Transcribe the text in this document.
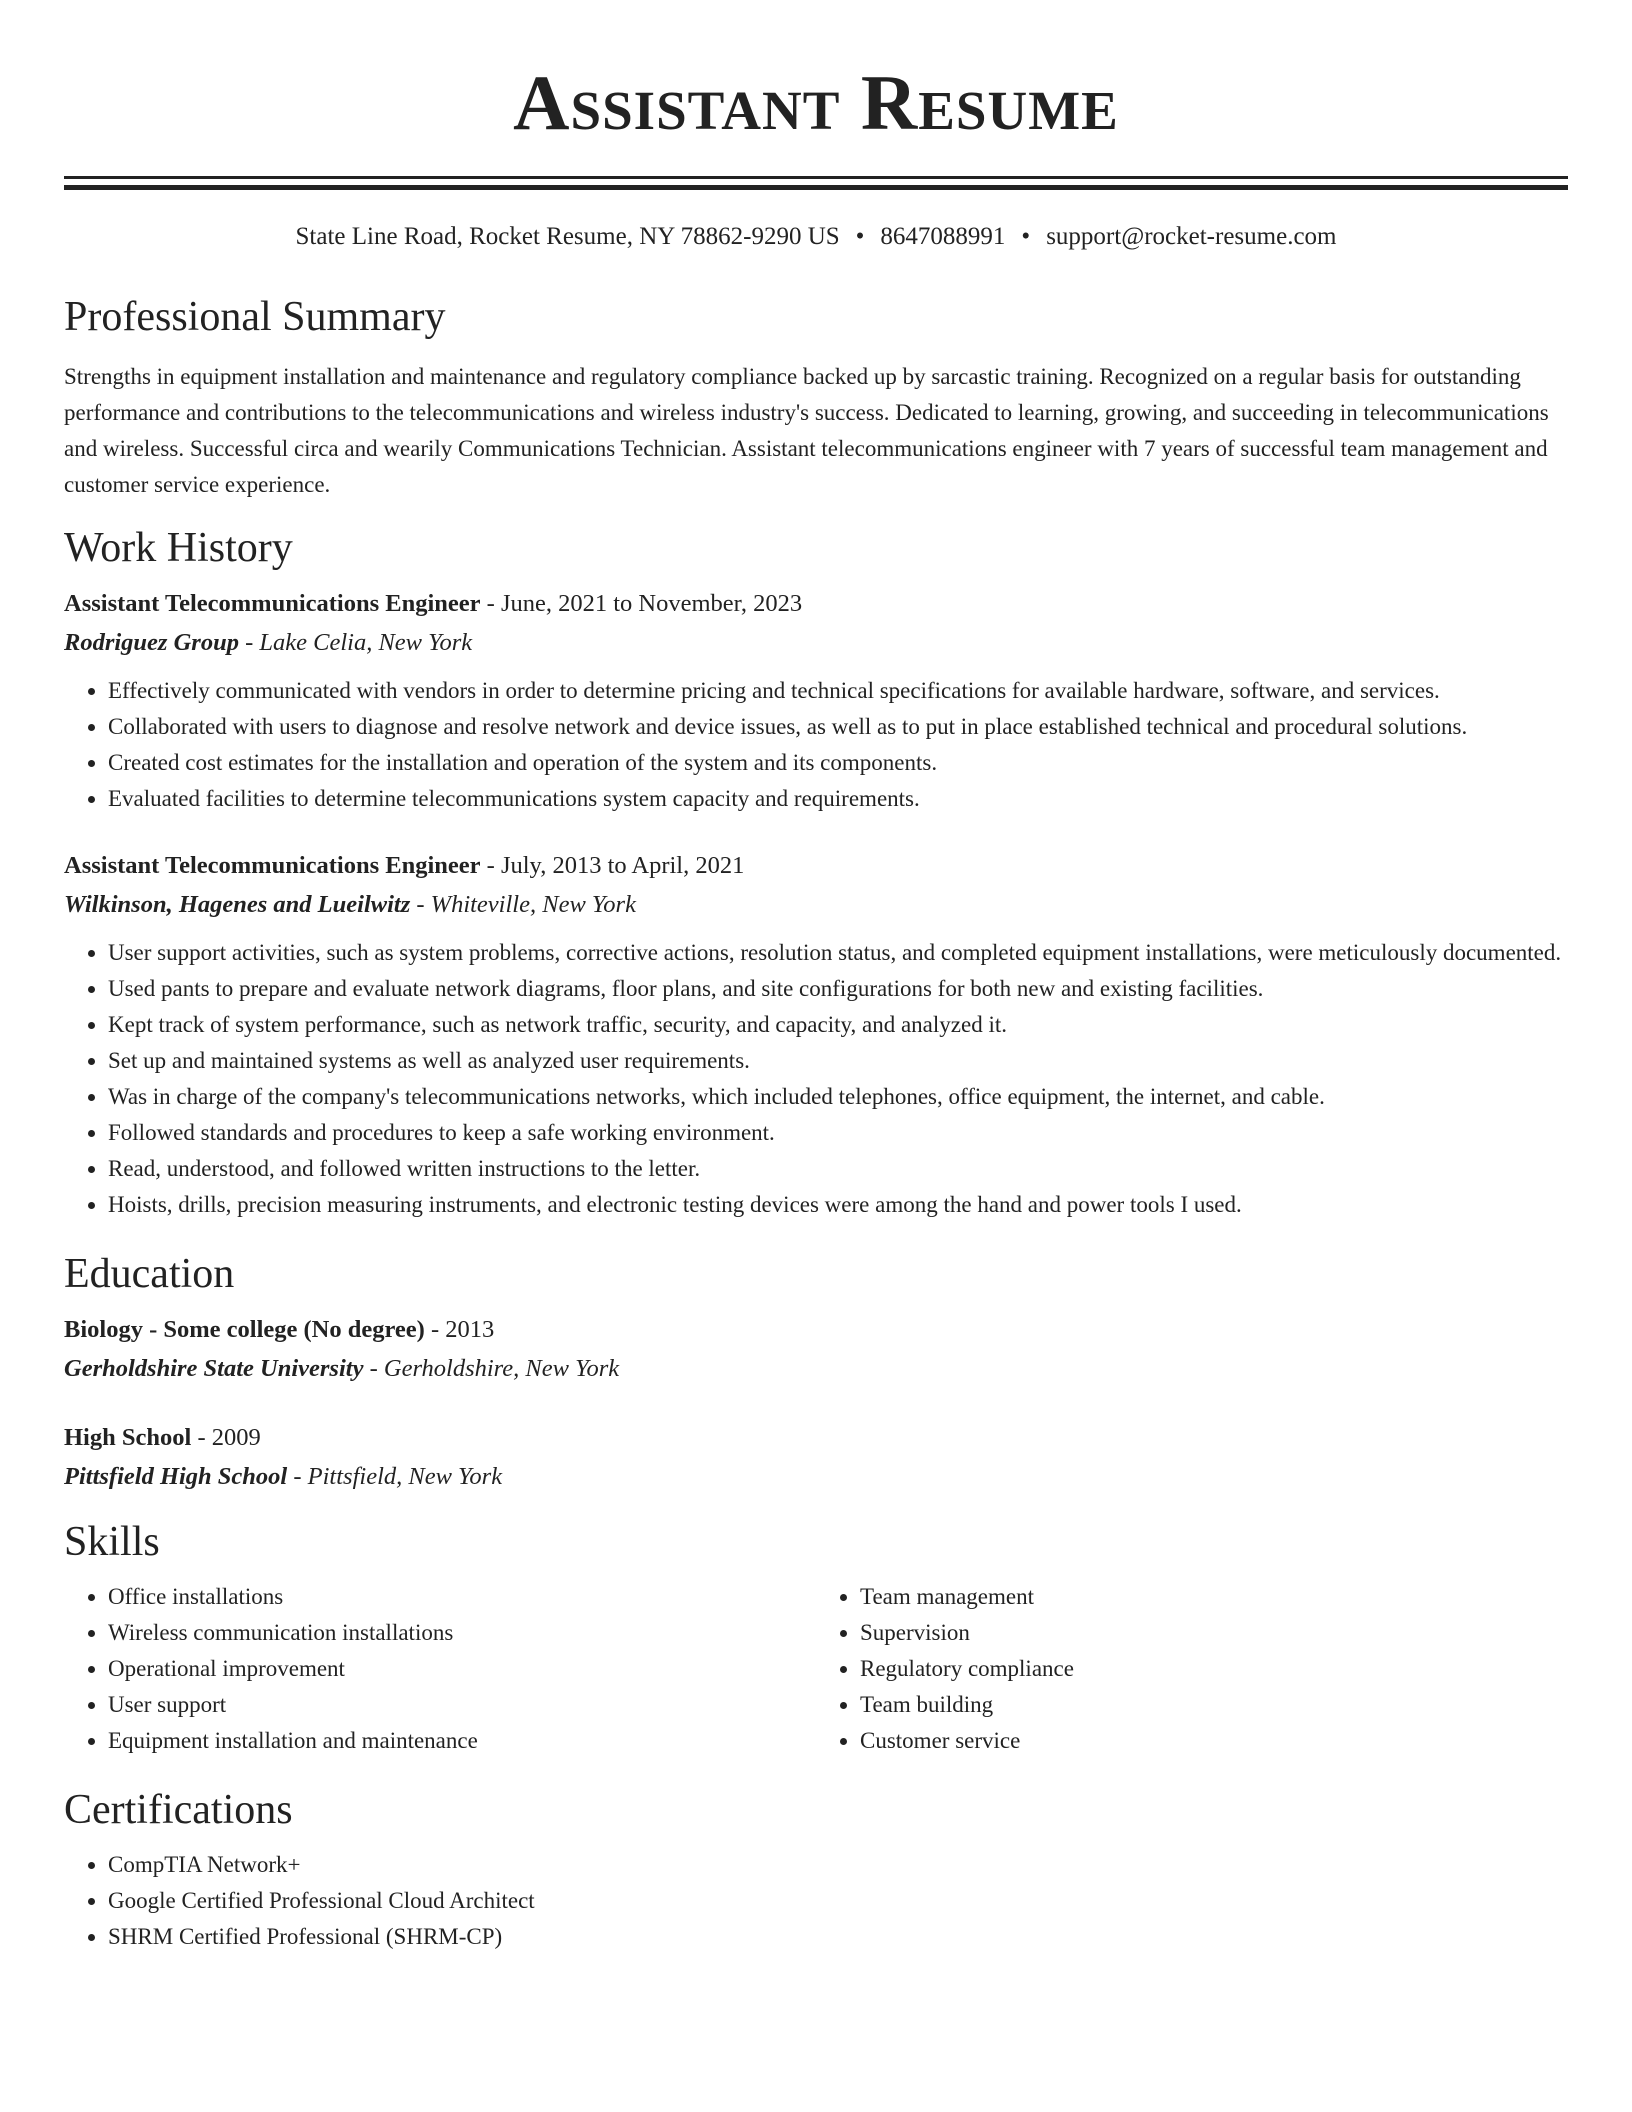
Assistant Resume
State Line Road, Rocket Resume, NY 78862-9290 US • 8647088991 • support@rocket-resume.com
Professional Summary

Strengths in equipment installation and maintenance and regulatory compliance backed up by sarcastic training. Recognized on a regular basis for outstanding performance and contributions to the telecommunications and wireless industry's success. Dedicated to learning, growing, and succeeding in telecommunications and wireless. Successful circa and wearily Communications Technician. Assistant telecommunications engineer with 7 years of successful team management and customer service experience.

Work History
Assistant Telecommunications Engineer - June, 2021 to November, 2023
Rodriguez Group - Lake Celia, New York
• Effectively communicated with vendors in order to determine pricing and technical specifications for available hardware, software, and services.
• Collaborated with users to diagnose and resolve network and device issues, as well as to put in place established technical and procedural solutions.
• Created cost estimates for the installation and operation of the system and its components.
• Evaluated facilities to determine telecommunications system capacity and requirements.
Assistant Telecommunications Engineer - July, 2013 to April, 2021
Wilkinson, Hagenes and Lueilwitz - Whiteville, New York
• User support activities, such as system problems, corrective actions, resolution status, and completed equipment installations, were meticulously documented.
• Used pants to prepare and evaluate network diagrams, floor plans, and site configurations for both new and existing facilities.
• Kept track of system performance, such as network traffic, security, and capacity, and analyzed it.
• Set up and maintained systems as well as analyzed user requirements.
• Was in charge of the company's telecommunications networks, which included telephones, office equipment, the internet, and cable.
• Followed standards and procedures to keep a safe working environment.
• Read, understood, and followed written instructions to the letter.
• Hoists, drills, precision measuring instruments, and electronic testing devices were among the hand and power tools I used.
Education
Biology - Some college (No degree) - 2013
Gerholdshire State University - Gerholdshire, New York
High School - 2009
Pittsfield High School - Pittsfield, New York
Skills
• Office installations
• Wireless communication installations
• Operational improvement
• User support
• Equipment installation and maintenance
• Team management
• Supervision
• Regulatory compliance
• Team building
• Customer service
Certifications
• CompTIA Network+
• Google Certified Professional Cloud Architect
• SHRM Certified Professional (SHRM-CP)
